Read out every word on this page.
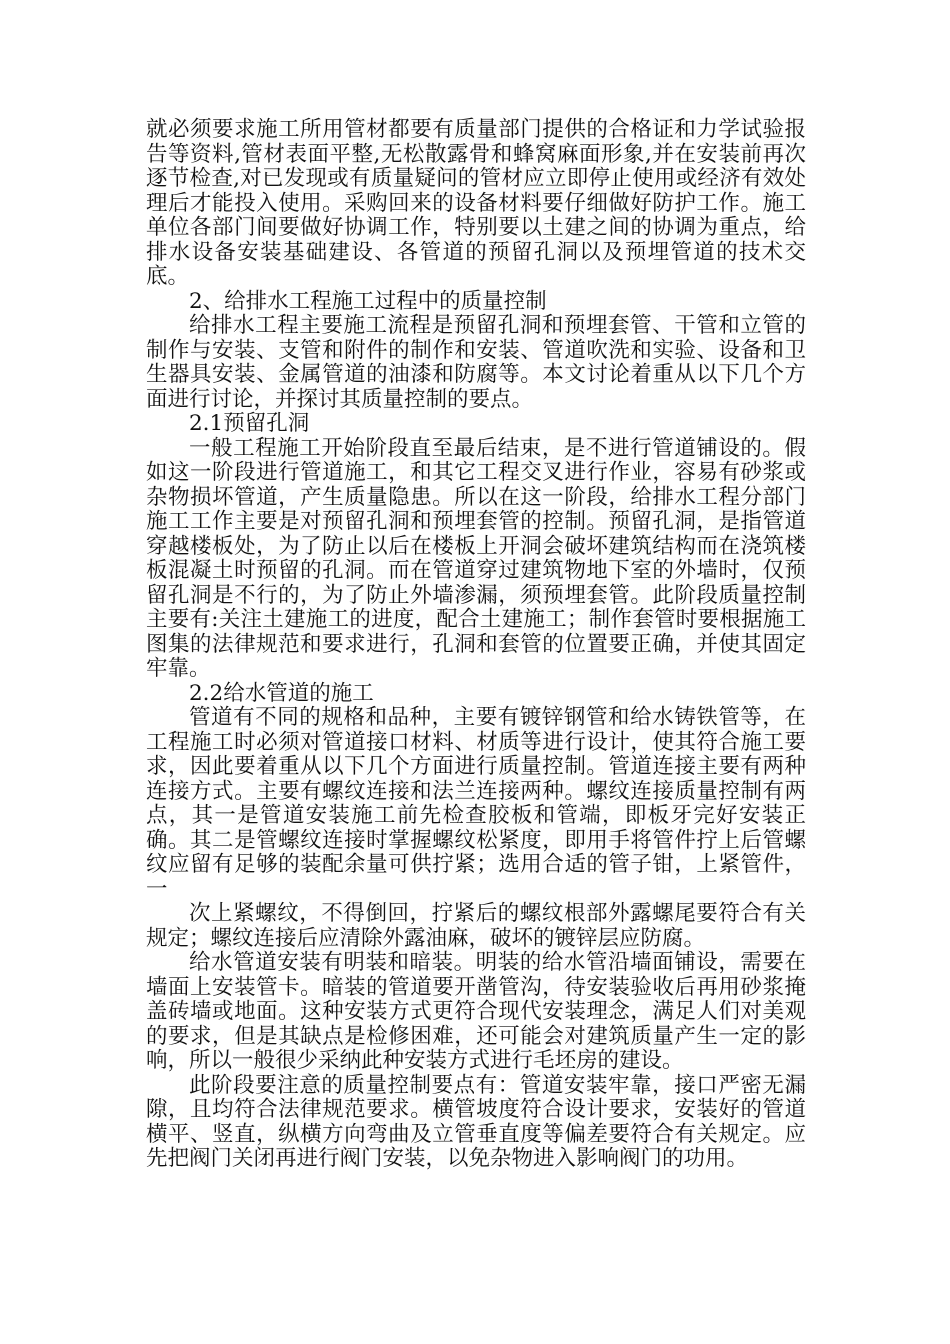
就必须要求施工所用管材都要有质量部门提供的合格证和力学试验报告等资料,管材表面平整,无松散露骨和蜂窝麻面形象,并在安装前再次逐节检查,对已发现或有质量疑问的管材应立即停止使用或经济有效处理后才能投入使用。采购回来的设备材料要仔细做好防护工作。施工单位各部门间要做好协调工作，特别要以土建之间的协调为重点，给排水设备安装基础建设、各管道的预留孔洞以及预埋管道的技术交底。

2、给排水工程施工过程中的质量控制

给排水工程主要施工流程是预留孔洞和预埋套管、干管和立管的制作与安装、支管和附件的制作和安装、管道吹洗和实验、设备和卫生器具安装、金属管道的油漆和防腐等。本文讨论着重从以下几个方面进行讨论，并探讨其质量控制的要点。

2.1预留孔洞

一般工程施工开始阶段直至最后结束，是不进行管道铺设的。假如这一阶段进行管道施工，和其它工程交叉进行作业，容易有砂浆或杂物损坏管道，产生质量隐患。所以在这一阶段，给排水工程分部门施工工作主要是对预留孔洞和预埋套管的控制。预留孔洞，是指管道穿越楼板处，为了防止以后在楼板上开洞会破坏建筑结构而在浇筑楼板混凝土时预留的孔洞。而在管道穿过建筑物地下室的外墙时，仅预留孔洞是不行的，为了防止外墙渗漏，须预埋套管。此阶段质量控制主要有:关注土建施工的进度，配合土建施工；制作套管时要根据施工图集的法律规范和要求进行，孔洞和套管的位置要正确，并使其固定牢靠。

2.2给水管道的施工

管道有不同的规格和品种，主要有镀锌钢管和给水铸铁管等，在工程施工时必须对管道接口材料、材质等进行设计，使其符合施工要求，因此要着重从以下几个方面进行质量控制。管道连接主要有两种连接方式。主要有螺纹连接和法兰连接两种。螺纹连接质量控制有两点，其一是管道安装施工前先检查胶板和管端，即板牙完好安装正确。其二是管螺纹连接时掌握螺纹松紧度，即用手将管件拧上后管螺纹应留有足够的装配余量可供拧紧；选用合适的管子钳，上紧管件，一

次上紧螺纹，不得倒回，拧紧后的螺纹根部外露螺尾要符合有关规定；螺纹连接后应清除外露油麻，破坏的镀锌层应防腐。

给水管道安装有明装和暗装。明装的给水管沿墙面铺设，需要在墙面上安装管卡。暗装的管道要开凿管沟，待安装验收后再用砂浆掩盖砖墙或地面。这种安装方式更符合现代安装理念，满足人们对美观的要求，但是其缺点是检修困难，还可能会对建筑质量产生一定的影响，所以一般很少采纳此种安装方式进行毛坯房的建设。

此阶段要注意的质量控制要点有：管道安装牢靠，接口严密无漏隙，且均符合法律规范要求。横管坡度符合设计要求，安装好的管道横平、竖直，纵横方向弯曲及立管垂直度等偏差要符合有关规定。应先把阀门关闭再进行阀门安装，以免杂物进入影响阀门的功用。
